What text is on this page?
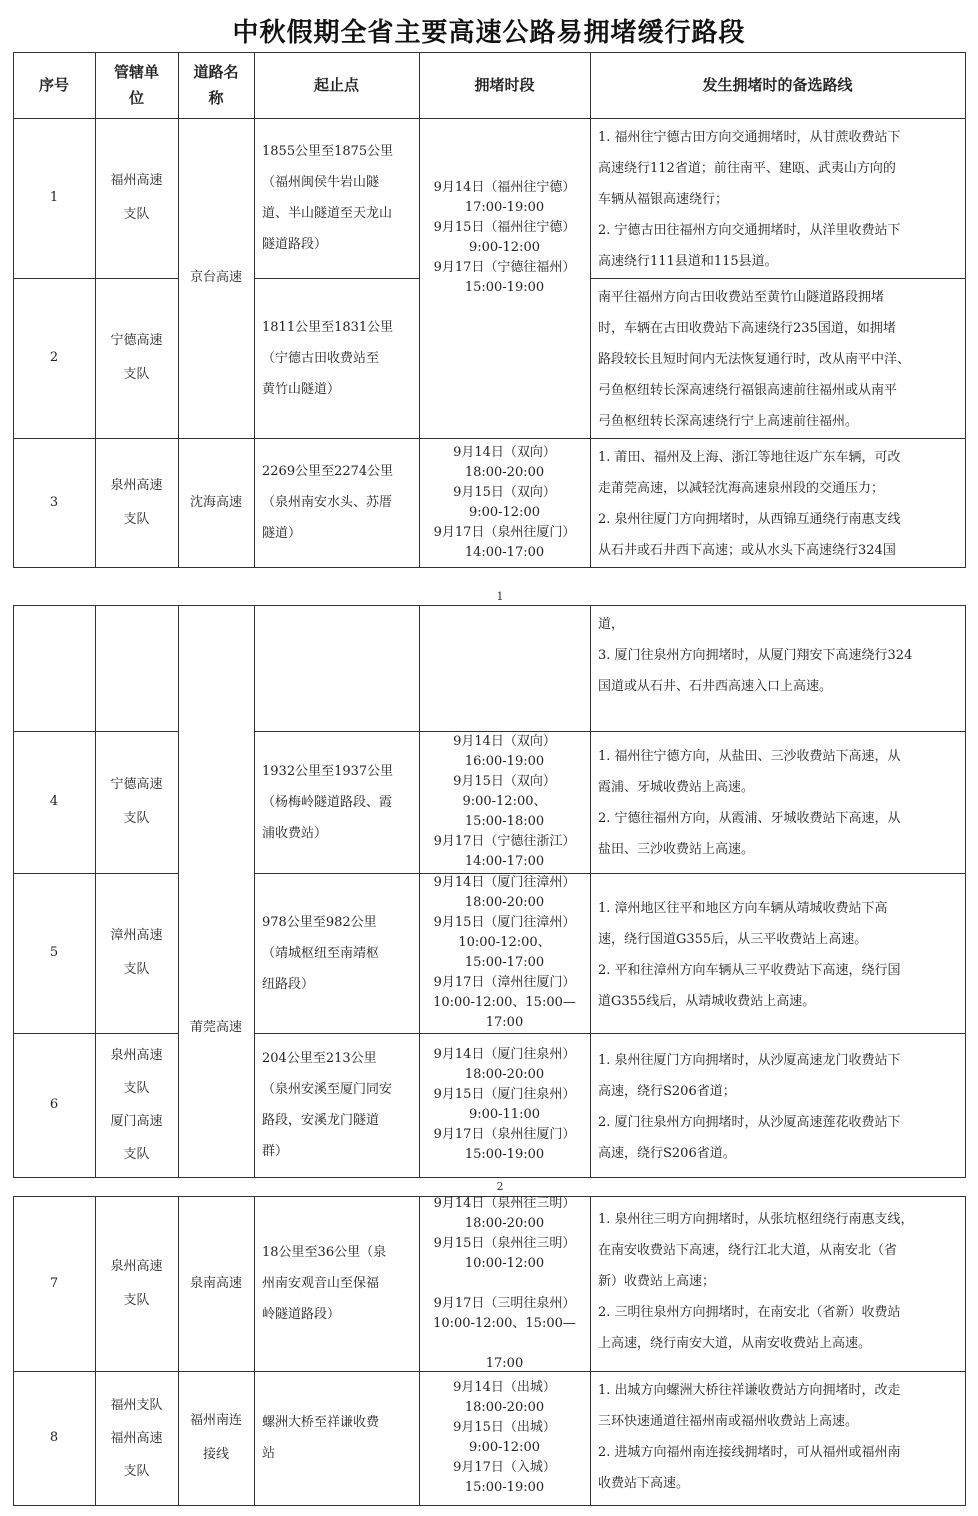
中秋假期全省主要高速公路易拥堵缓行路段
序号
管辖单位
道路名称
起止点	拥堵时段	发生拥堵时的备选路线
1
福州高速
支队
1855公里至1875公里
（福州闽侯牛岩山隧
道、半山隧道至天龙山
隧道路段）
1. 福州往宁德古田方向交通拥堵时，从甘蔗收费站下
高速绕行112省道；前往南平、建瓯、武夷山方向的
车辆从福银高速绕行；
2. 宁德古田往福州方向交通拥堵时，从洋里收费站下
高速绕行111县道和115县道。
京台高速
9月14日（福州往宁德）
17:00-19:00
9月15日（福州往宁德）
9:00-12:00
9月17日（宁德往福州）
15:00-19:00
2
宁德高速
支队
1811公里至1831公里
（宁德古田收费站至
黄竹山隧道）
南平往福州方向古田收费站至黄竹山隧道路段拥堵
时，车辆在古田收费站下高速绕行235国道，如拥堵
路段较长且短时间内无法恢复通行时，改从南平中洋、
弓鱼枢纽转长深高速绕行福银高速前往福州或从南平
弓鱼枢纽转长深高速绕行宁上高速前往福州。
3
泉州高速
支队
沈海高速
2269公里至2274公里
（泉州南安水头、苏厝
隧道）
9月14日（双向）
18:00-20:00
9月15日（双向）
9:00-12:00
9月17日（泉州往厦门）
14:00-17:00
1. 莆田、福州及上海、浙江等地往返广东车辆，可改
走莆莞高速，以减轻沈海高速泉州段的交通压力；
2. 泉州往厦门方向拥堵时，从西锦互通绕行南惠支线
从石井或石井西下高速；或从水头下高速绕行324国
1
道，
3. 厦门往泉州方向拥堵时，从厦门翔安下高速绕行324
国道或从石井、石井西高速入口上高速。
莆莞高速
4
宁德高速
支队
1932公里至1937公里
（杨梅岭隧道路段、霞
浦收费站）
9月14日（双向）
16:00-19:00
9月15日（双向）
9:00-12:00、
15:00-18:00
9月17日（宁德往浙江）
14:00-17:00
1. 福州往宁德方向，从盐田、三沙收费站下高速，从
霞浦、牙城收费站上高速。
2. 宁德往福州方向，从霞浦、牙城收费站下高速，从
盐田、三沙收费站上高速。
5
漳州高速
支队
978公里至982公里
（靖城枢纽至南靖枢
纽路段）
9月14日（厦门往漳州）
18:00-20:00
9月15日（厦门往漳州）
10:00-12:00、
15:00-17:00
9月17日（漳州往厦门）
10:00-12:00、15:00—
17:00
1. 漳州地区往平和地区方向车辆从靖城收费站下高
速，绕行国道G355后，从三平收费站上高速。
2. 平和往漳州方向车辆从三平收费站下高速，绕行国
道G355线后，从靖城收费站上高速。
6
泉州高速
支队
厦门高速
支队
204公里至213公里
（泉州安溪至厦门同安
路段，安溪龙门隧道
群）
9月14日（厦门往泉州）
18:00-20:00
9月15日（厦门往泉州）
9:00-11:00
9月17日（泉州往厦门）
15:00-19:00
1. 泉州往厦门方向拥堵时，从沙厦高速龙门收费站下
高速，绕行S206省道；
2. 厦门往泉州方向拥堵时，从沙厦高速莲花收费站下
高速，绕行S206省道。
2
7
泉州高速
支队
泉南高速
18公里至36公里（泉
州南安观音山至保福
岭隧道路段）
9月14日（泉州往三明）
18:00-20:00
9月15日（泉州往三明）
10:00-12:00

9月17日（三明往泉州）
10:00-12:00、15:00—

17:00
1. 泉州往三明方向拥堵时，从张坑枢纽绕行南惠支线，
在南安收费站下高速，绕行江北大道，从南安北（省
新）收费站上高速；
2. 三明往泉州方向拥堵时，在南安北（省新）收费站
上高速，绕行南安大道，从南安收费站上高速。
8
福州支队
福州高速
支队
福州南连
接线
螺洲大桥至祥谦收费
站
9月14日（出城）
18:00-20:00
9月15日（出城）
9:00-12:00
9月17日（入城）
15:00-19:00
1. 出城方向螺洲大桥往祥谦收费站方向拥堵时，改走
三环快速通道往福州南或福州收费站上高速。
2. 进城方向福州南连接线拥堵时，可从福州或福州南
收费站下高速。
